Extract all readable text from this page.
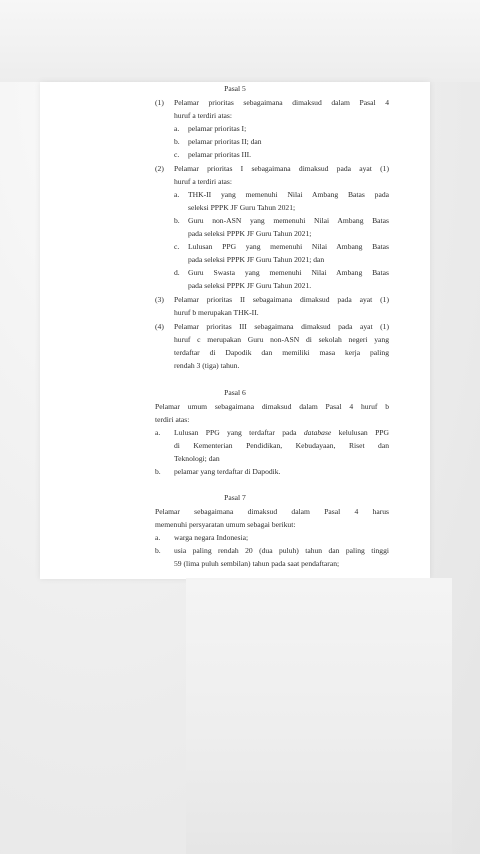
Pasal 5
(1) Pelamar prioritas sebagaimana dimaksud dalam Pasal 4
huruf a terdiri atas:
a. pelamar prioritas I;
b. pelamar prioritas II; dan
c. pelamar prioritas III.
(2) Pelamar prioritas I sebagaimana dimaksud pada ayat (1)
huruf a terdiri atas:
a. THK-II yang memenuhi Nilai Ambang Batas pada
seleksi PPPK JF Guru Tahun 2021;
b. Guru non-ASN yang memenuhi Nilai Ambang Batas
pada seleksi PPPK JF Guru Tahun 2021;
c. Lulusan PPG yang memenuhi Nilai Ambang Batas
pada seleksi PPPK JF Guru Tahun 2021; dan
d. Guru Swasta yang memenuhi Nilai Ambang Batas
pada seleksi PPPK JF Guru Tahun 2021.
(3) Pelamar prioritas II sebagaimana dimaksud pada ayat (1)
huruf b merupakan THK-II.
(4) Pelamar prioritas III sebagaimana dimaksud pada ayat (1)
huruf c merupakan Guru non-ASN di sekolah negeri yang
terdaftar di Dapodik dan memiliki masa kerja paling
rendah 3 (tiga) tahun.
Pasal 6
Pelamar umum sebagaimana dimaksud dalam Pasal 4 huruf b
terdiri atas:
a. Lulusan PPG yang terdaftar pada database kelulusan PPG
di Kementerian Pendidikan, Kebudayaan, Riset dan
Teknologi; dan
b. pelamar yang terdaftar di Dapodik.
Pasal 7
Pelamar sebagaimana dimaksud dalam Pasal 4 harus
memenuhi persyaratan umum sebagai berikut:
a. warga negara Indonesia;
b. usia paling rendah 20 (dua puluh) tahun dan paling tinggi
59 (lima puluh sembilan) tahun pada saat pendaftaran;
